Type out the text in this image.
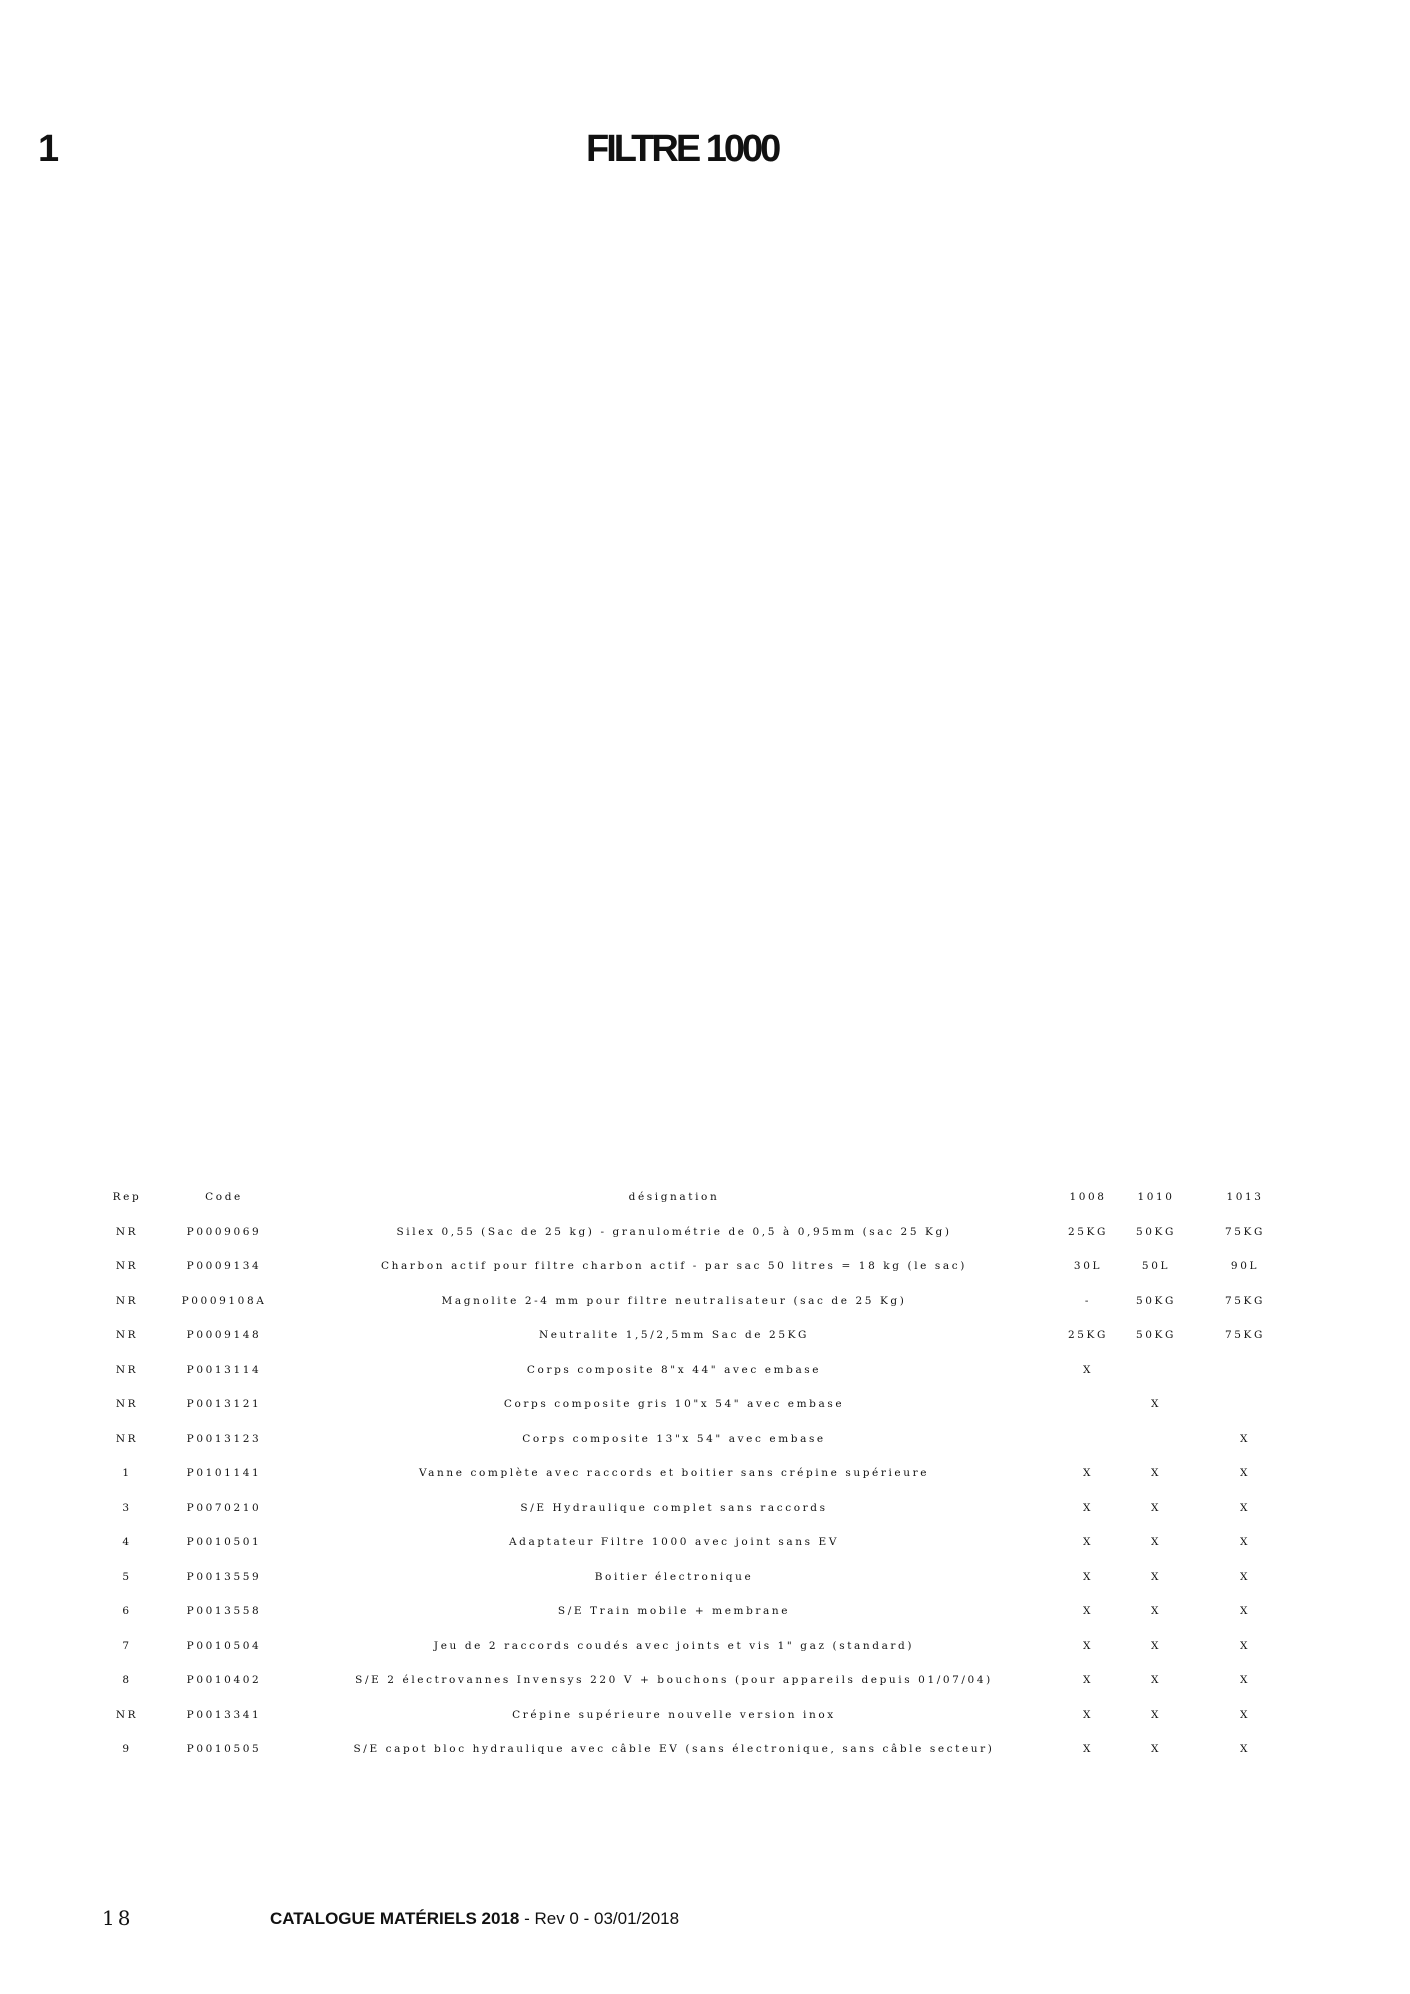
1	FILTRE 1000
Rep	Code	désignation	1008	1010	1013
NR	P0009069	Silex 0,55 (Sac de 25 kg) - granulométrie de 0,5 à 0,95mm (sac 25 Kg)	25KG	50KG	75KG
NR	P0009134	Charbon actif pour filtre charbon actif - par sac 50 litres = 18 kg (le sac)	30L	50L	90L
NR	P0009108A	Magnolite 2-4 mm pour filtre neutralisateur (sac de 25 Kg)	-	50KG	75KG
NR	P0009148	Neutralite 1,5/2,5mm Sac de 25KG	25KG	50KG	75KG
NR	P0013114	Corps composite 8"x 44" avec embase	X		
NR	P0013121	Corps composite gris 10"x 54" avec embase		X	
NR	P0013123	Corps composite 13"x 54" avec embase			X
1	P0101141	Vanne complète avec raccords et boitier sans crépine supérieure	X	X	X
3	P0070210	S/E Hydraulique complet sans raccords	X	X	X
4	P0010501	Adaptateur Filtre 1000 avec joint sans EV	X	X	X
5	P0013559	Boitier électronique	X	X	X
6	P0013558	S/E Train mobile + membrane	X	X	X
7	P0010504	Jeu de 2 raccords coudés avec joints et vis 1" gaz (standard)	X	X	X
8	P0010402	S/E 2 électrovannes Invensys 220 V + bouchons (pour appareils depuis 01/07/04)	X	X	X
NR	P0013341	Crépine supérieure nouvelle version inox	X	X	X
9	P0010505	S/E capot bloc hydraulique avec câble EV (sans électronique, sans câble secteur)	X	X	X

18	CATALOGUE MATÉRIELS 2018 - Rev 0 - 03/01/2018
